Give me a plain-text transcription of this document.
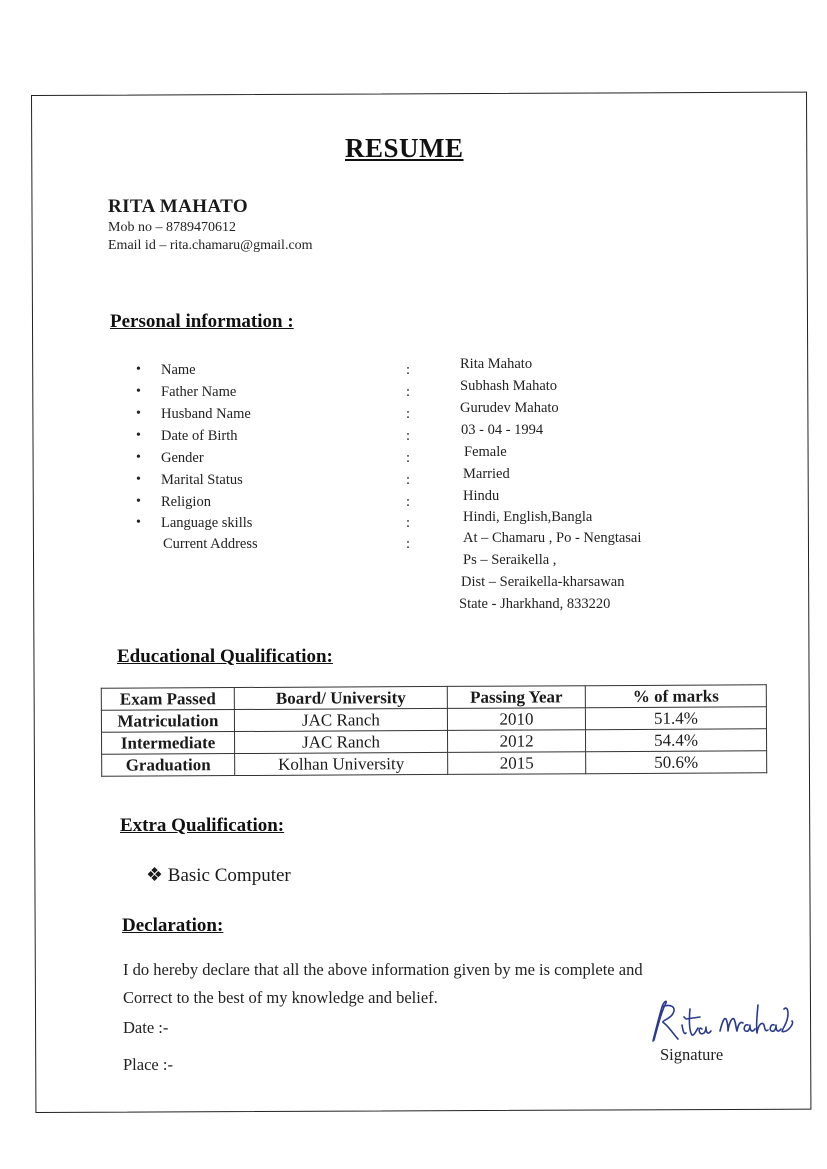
RESUME
RITA MAHATO
Mob no – 8789470612
Email id – rita.chamaru@gmail.com
Personal information :
• Name	:	Rita Mahato
• Father Name	:	Subhash Mahato
• Husband Name	:	Gurudev Mahato
• Date of Birth	:	03 - 04 - 1994
• Gender	:	Female
• Marital Status	:	Married
• Religion	:	Hindu
• Language skills	:	Hindi, English,Bangla
Current Address	:	At – Chamaru , Po - Nengtasai
Ps – Seraikella ,
Dist – Seraikella-kharsawan
State - Jharkhand, 833220
Educational Qualification:
Exam Passed	Board/ University	Passing Year	% of marks
Matriculation	JAC Ranch	2010	51.4%
Intermediate	JAC Ranch	2012	54.4%
Graduation	Kolhan University	2015	50.6%
Extra Qualification:
❖ Basic Computer
Declaration:
I do hereby declare that all the above information given by me is complete and
Correct to the best of my knowledge and belief.
Date :-
Place :-
Signature
